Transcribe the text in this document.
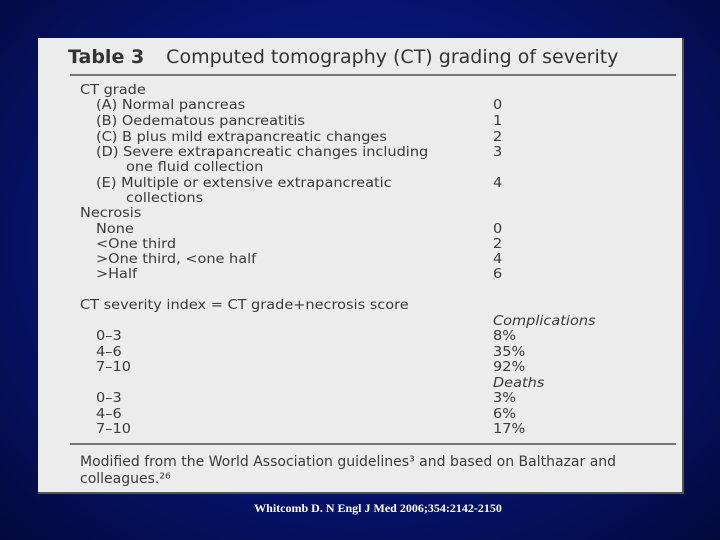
Table 3 Computed tomography (CT) grading of severity
CT grade
(A) Normal pancreas	0
(B) Oedematous pancreatitis	1
(C) B plus mild extrapancreatic changes	2
(D) Severe extrapancreatic changes including	3
one fluid collection
(E) Multiple or extensive extrapancreatic	4
collections
Necrosis
None	0
<One third	2
>One third, <one half	4
>Half	6
CT severity index = CT grade+necrosis score
Complications
0–3	8%
4–6	35%
7–10	92%
Deaths
0–3	3%
4–6	6%
7–10	17%
Modified from the World Association guidelines³ and based on Balthazar and colleagues.²⁶
Whitcomb D. N Engl J Med 2006;354:2142-2150
